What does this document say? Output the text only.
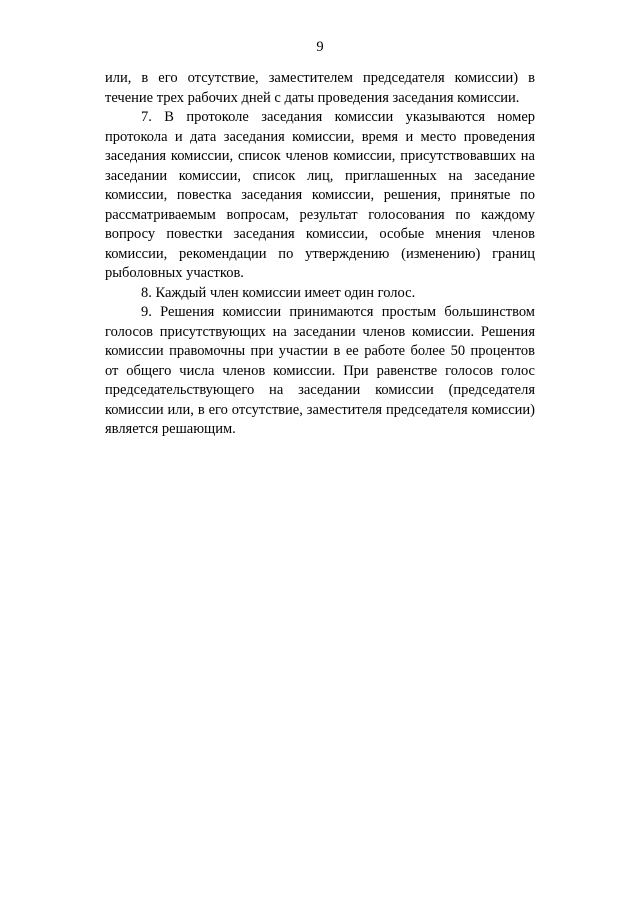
9

или, в его отсутствие, заместителем председателя комиссии) в течение трех рабочих дней с даты проведения заседания комиссии.

7. В протоколе заседания комиссии указываются номер протокола и дата заседания комиссии, время и место проведения заседания комиссии, список членов комиссии, присутствовавших на заседании комиссии, список лиц, приглашенных на заседание комиссии, повестка заседания комиссии, решения, принятые по рассматриваемым вопросам, результат голосования по каждому вопросу повестки заседания комиссии, особые мнения членов комиссии, рекомендации по утверждению (изменению) границ рыболовных участков.

8. Каждый член комиссии имеет один голос.

9. Решения комиссии принимаются простым большинством голосов присутствующих на заседании членов комиссии. Решения комиссии правомочны при участии в ее работе более 50 процентов от общего числа членов комиссии. При равенстве голосов голос председательствующего на заседании комиссии (председателя комиссии или, в его отсутствие, заместителя председателя комиссии) является решающим.
